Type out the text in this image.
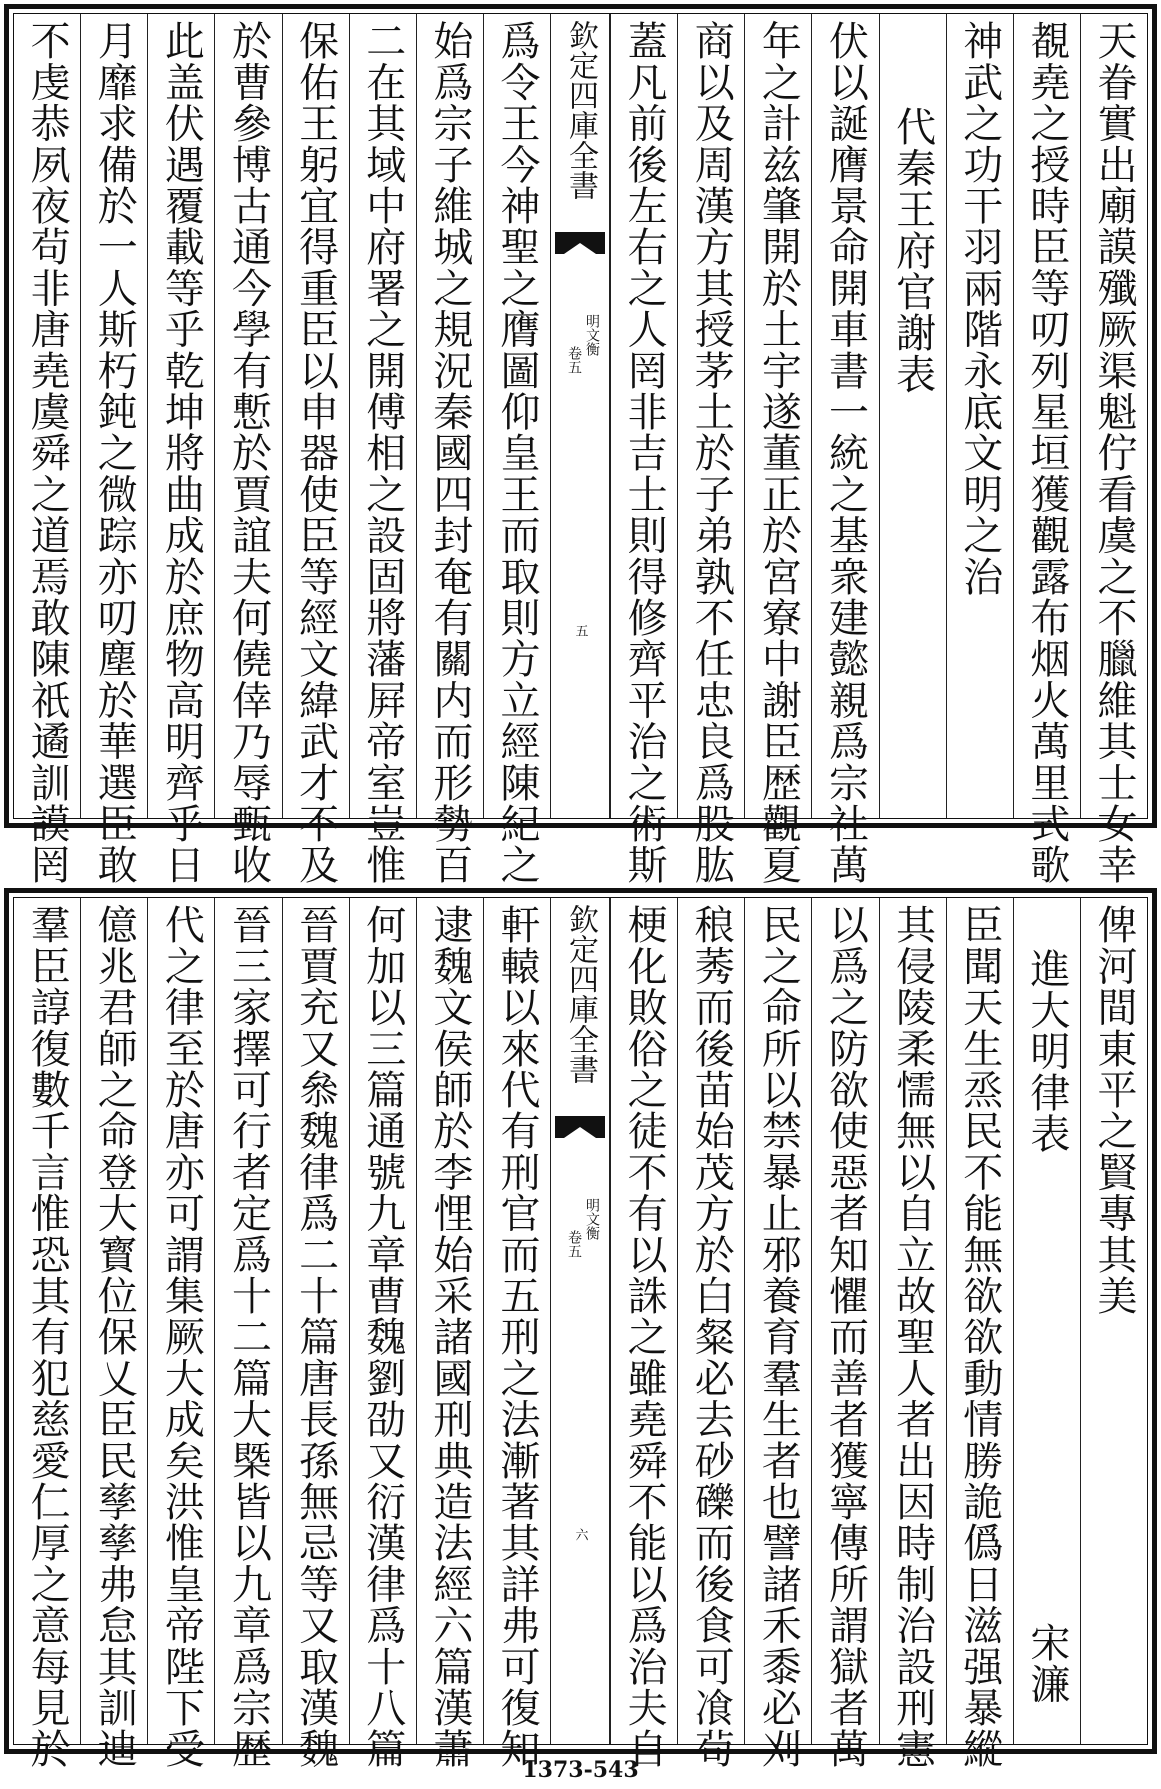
天眷實出廟謨殲厥渠魁佇看虞之不臘維其士女幸
覩堯之授時臣等叨列星垣獲觀露布烟火萬里式歌
神武之功干羽兩階永底文明之治
代秦王府官謝表
伏以誕膺景命開車書一統之基衆建懿親爲宗社萬
年之計兹肇開於土宇遂董正於宮寮中謝臣歴觀夏
商以及周漢方其授茅土於子弟孰不任忠良爲股肱
蓋凡前後左右之人罔非吉士則得修齊平治之術斯
欽定四庫全書
明文衡
卷五
五
爲令王今神聖之膺圖仰皇王而取則方立經陳紀之
始爲宗子維城之規況秦國四封奄有關内而形勢百
二在其域中府署之開傅相之設固將藩屛帝室豈惟
保佑王躬宜得重臣以申器使臣等經文緯武才不及
於曹參博古通今學有慙於賈誼夫何僥倖乃辱甄收
此盖伏遇覆載等乎乾坤將曲成於庶物高明齊乎日
月靡求備於一人斯朽鈍之微踪亦叨塵於華選臣敢
不虔恭夙夜茍非唐堯虞舜之道焉敢陳祇遹訓謨罔
俾河間東平之賢專其美
進大明律表
宋濂
臣聞天生烝民不能無欲欲動情勝詭僞日滋强暴縱
其侵陵柔懦無以自立故聖人者出因時制治設刑憲
以爲之防欲使惡者知懼而善者獲寧傳所謂獄者萬
民之命所以禁暴止邪養育羣生者也譬諸禾黍必刈
稂莠而後苗始茂方於白粲必去砂礫而後食可飡茍
梗化敗俗之徒不有以誅之雖堯舜不能以爲治夫自
欽定四庫全書
明文衡
卷五
六
軒轅以來代有刑官而五刑之法漸著其詳弗可復知
逮魏文侯師於李悝始采諸國刑典造法經六篇漢蕭
何加以三篇通號九章曹魏劉劭又衍漢律爲十八篇
晉賈充又叅魏律爲二十篇唐長孫無忌等又取漢魏
晉三家擇可行者定爲十二篇大槩皆以九章爲宗歴
代之律至於唐亦可謂集厥大成矣洪惟皇帝陛下受
億兆君師之命登大寳位保乂臣民孳孳弗怠其訓迪
羣臣諄復數千言惟恐其有犯慈愛仁厚之意每見於
1373-543
